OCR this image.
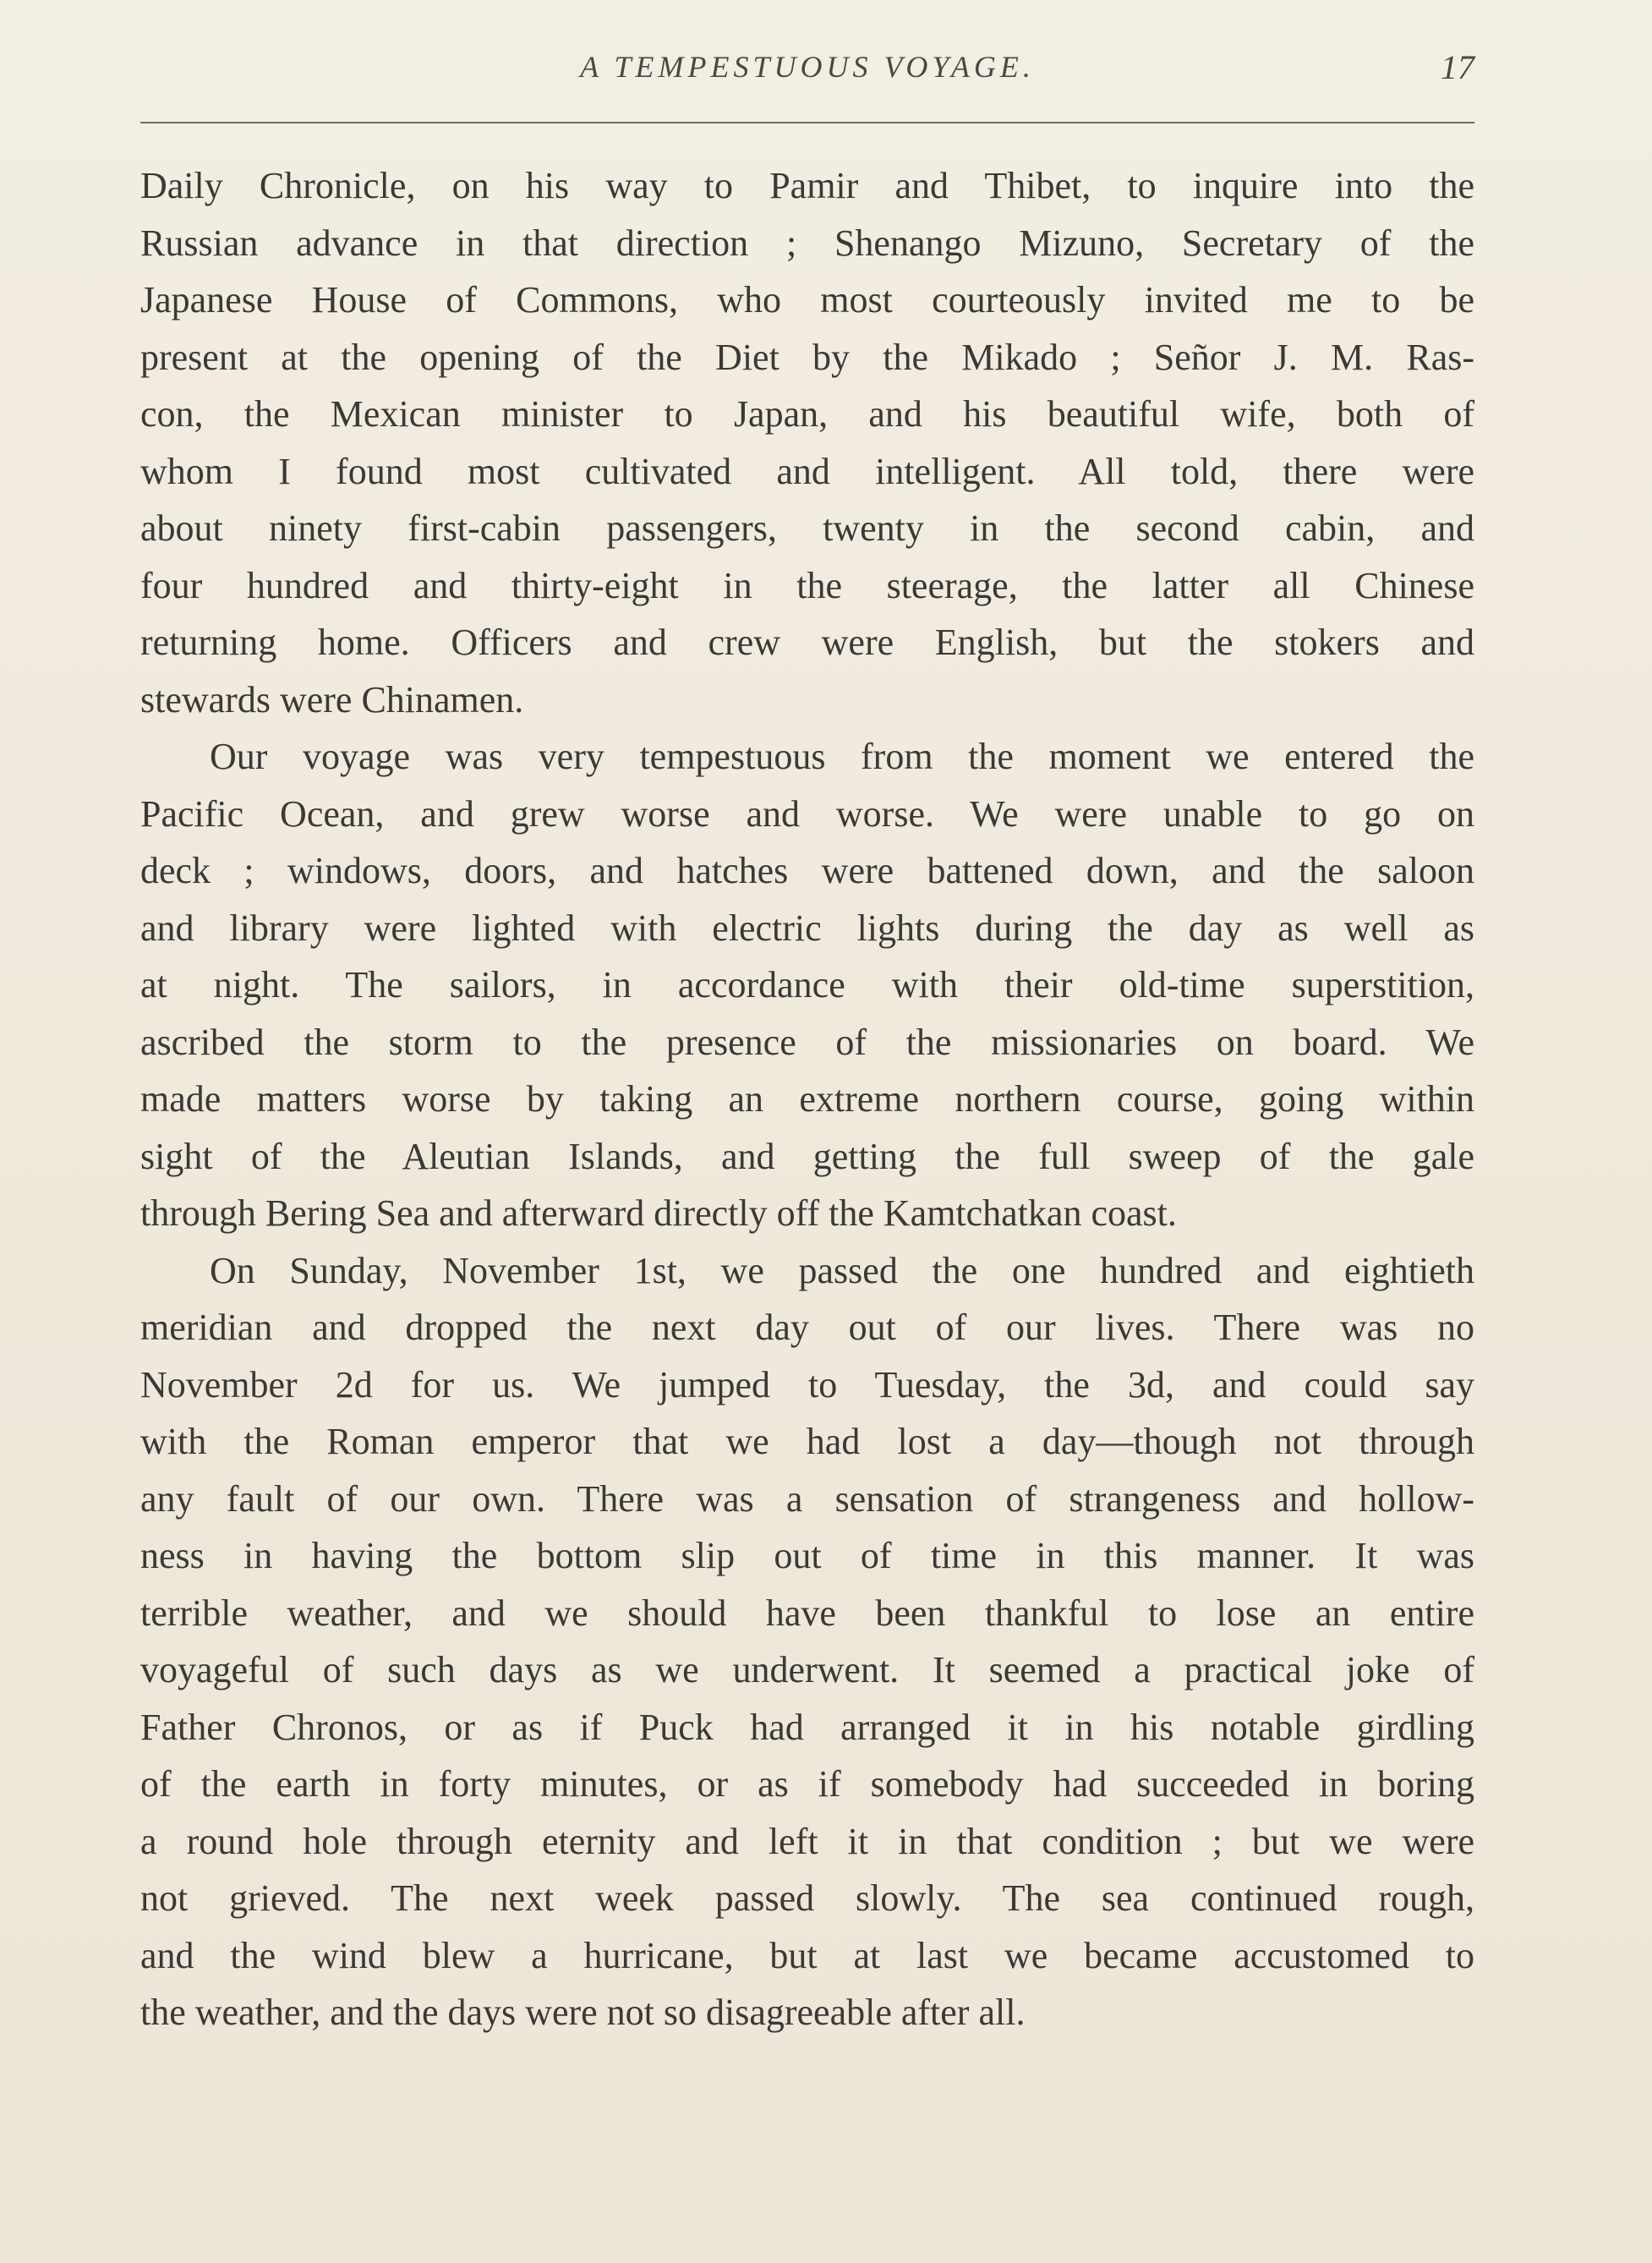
A TEMPESTUOUS VOYAGE.	17

Daily Chronicle, on his way to Pamir and Thibet, to inquire into the
Russian advance in that direction ; Shenango Mizuno, Secretary of the
Japanese House of Commons, who most courteously invited me to be
present at the opening of the Diet by the Mikado ; Señor J. M. Ras-
con, the Mexican minister to Japan, and his beautiful wife, both of
whom I found most cultivated and intelligent. All told, there were
about ninety first-cabin passengers, twenty in the second cabin, and
four hundred and thirty-eight in the steerage, the latter all Chinese
returning home. Officers and crew were English, but the stokers and
stewards were Chinamen.

Our voyage was very tempestuous from the moment we entered the
Pacific Ocean, and grew worse and worse. We were unable to go on
deck ; windows, doors, and hatches were battened down, and the saloon
and library were lighted with electric lights during the day as well as
at night. The sailors, in accordance with their old-time superstition,
ascribed the storm to the presence of the missionaries on board. We
made matters worse by taking an extreme northern course, going within
sight of the Aleutian Islands, and getting the full sweep of the gale
through Bering Sea and afterward directly off the Kamtchatkan coast.

On Sunday, November 1st, we passed the one hundred and eightieth
meridian and dropped the next day out of our lives. There was no
November 2d for us. We jumped to Tuesday, the 3d, and could say
with the Roman emperor that we had lost a day—though not through
any fault of our own. There was a sensation of strangeness and hollow-
ness in having the bottom slip out of time in this manner. It was
terrible weather, and we should have been thankful to lose an entire
voyageful of such days as we underwent. It seemed a practical joke of
Father Chronos, or as if Puck had arranged it in his notable girdling
of the earth in forty minutes, or as if somebody had succeeded in boring
a round hole through eternity and left it in that condition ; but we were
not grieved. The next week passed slowly. The sea continued rough,
and the wind blew a hurricane, but at last we became accustomed to
the weather, and the days were not so disagreeable after all.
